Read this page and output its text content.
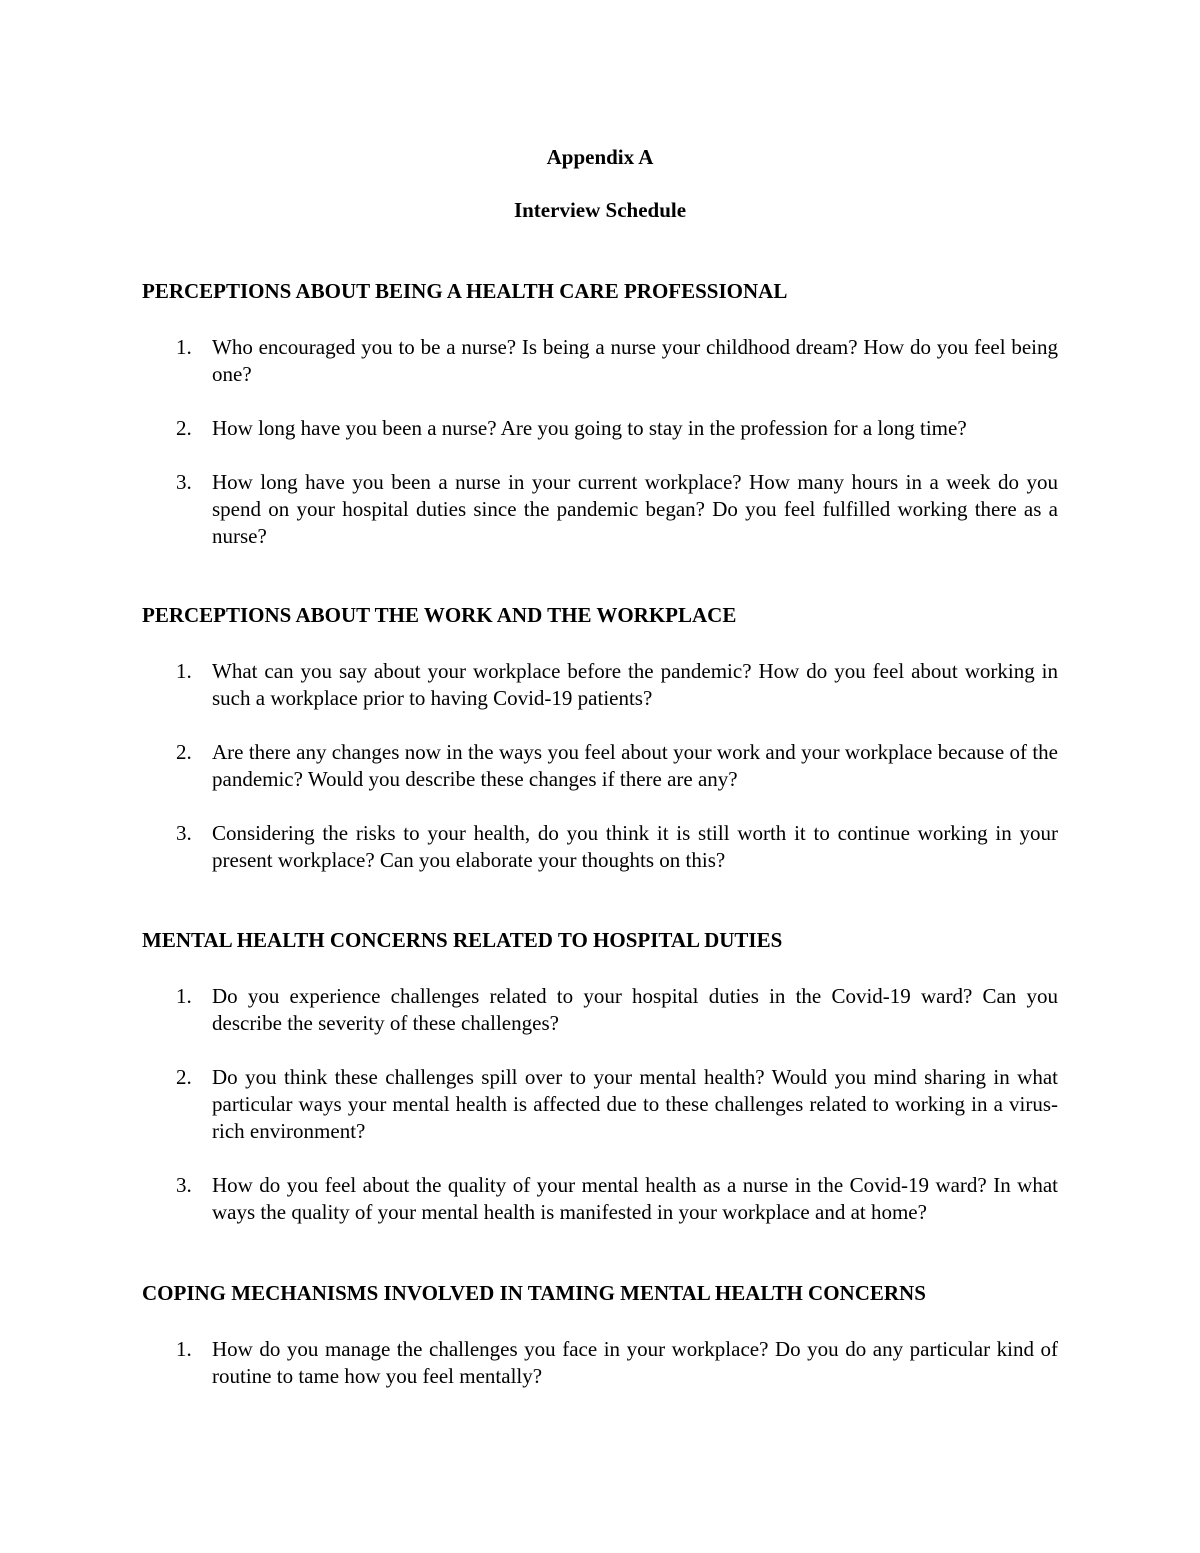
Appendix A
Interview Schedule
PERCEPTIONS ABOUT BEING A HEALTH CARE PROFESSIONAL
1. Who encouraged you to be a nurse? Is being a nurse your childhood dream? How do you feel being one?
2. How long have you been a nurse? Are you going to stay in the profession for a long time?
3. How long have you been a nurse in your current workplace? How many hours in a week do you spend on your hospital duties since the pandemic began? Do you feel fulfilled working there as a nurse?
PERCEPTIONS ABOUT THE WORK AND THE WORKPLACE
1. What can you say about your workplace before the pandemic? How do you feel about working in such a workplace prior to having Covid-19 patients?
2. Are there any changes now in the ways you feel about your work and your workplace because of the pandemic? Would you describe these changes if there are any?
3. Considering the risks to your health, do you think it is still worth it to continue working in your present workplace? Can you elaborate your thoughts on this?
MENTAL HEALTH CONCERNS RELATED TO HOSPITAL DUTIES
1. Do you experience challenges related to your hospital duties in the Covid-19 ward? Can you describe the severity of these challenges?
2. Do you think these challenges spill over to your mental health? Would you mind sharing in what particular ways your mental health is affected due to these challenges related to working in a virus-rich environment?
3. How do you feel about the quality of your mental health as a nurse in the Covid-19 ward? In what ways the quality of your mental health is manifested in your workplace and at home?
COPING MECHANISMS INVOLVED IN TAMING MENTAL HEALTH CONCERNS
1. How do you manage the challenges you face in your workplace? Do you do any particular kind of routine to tame how you feel mentally?
